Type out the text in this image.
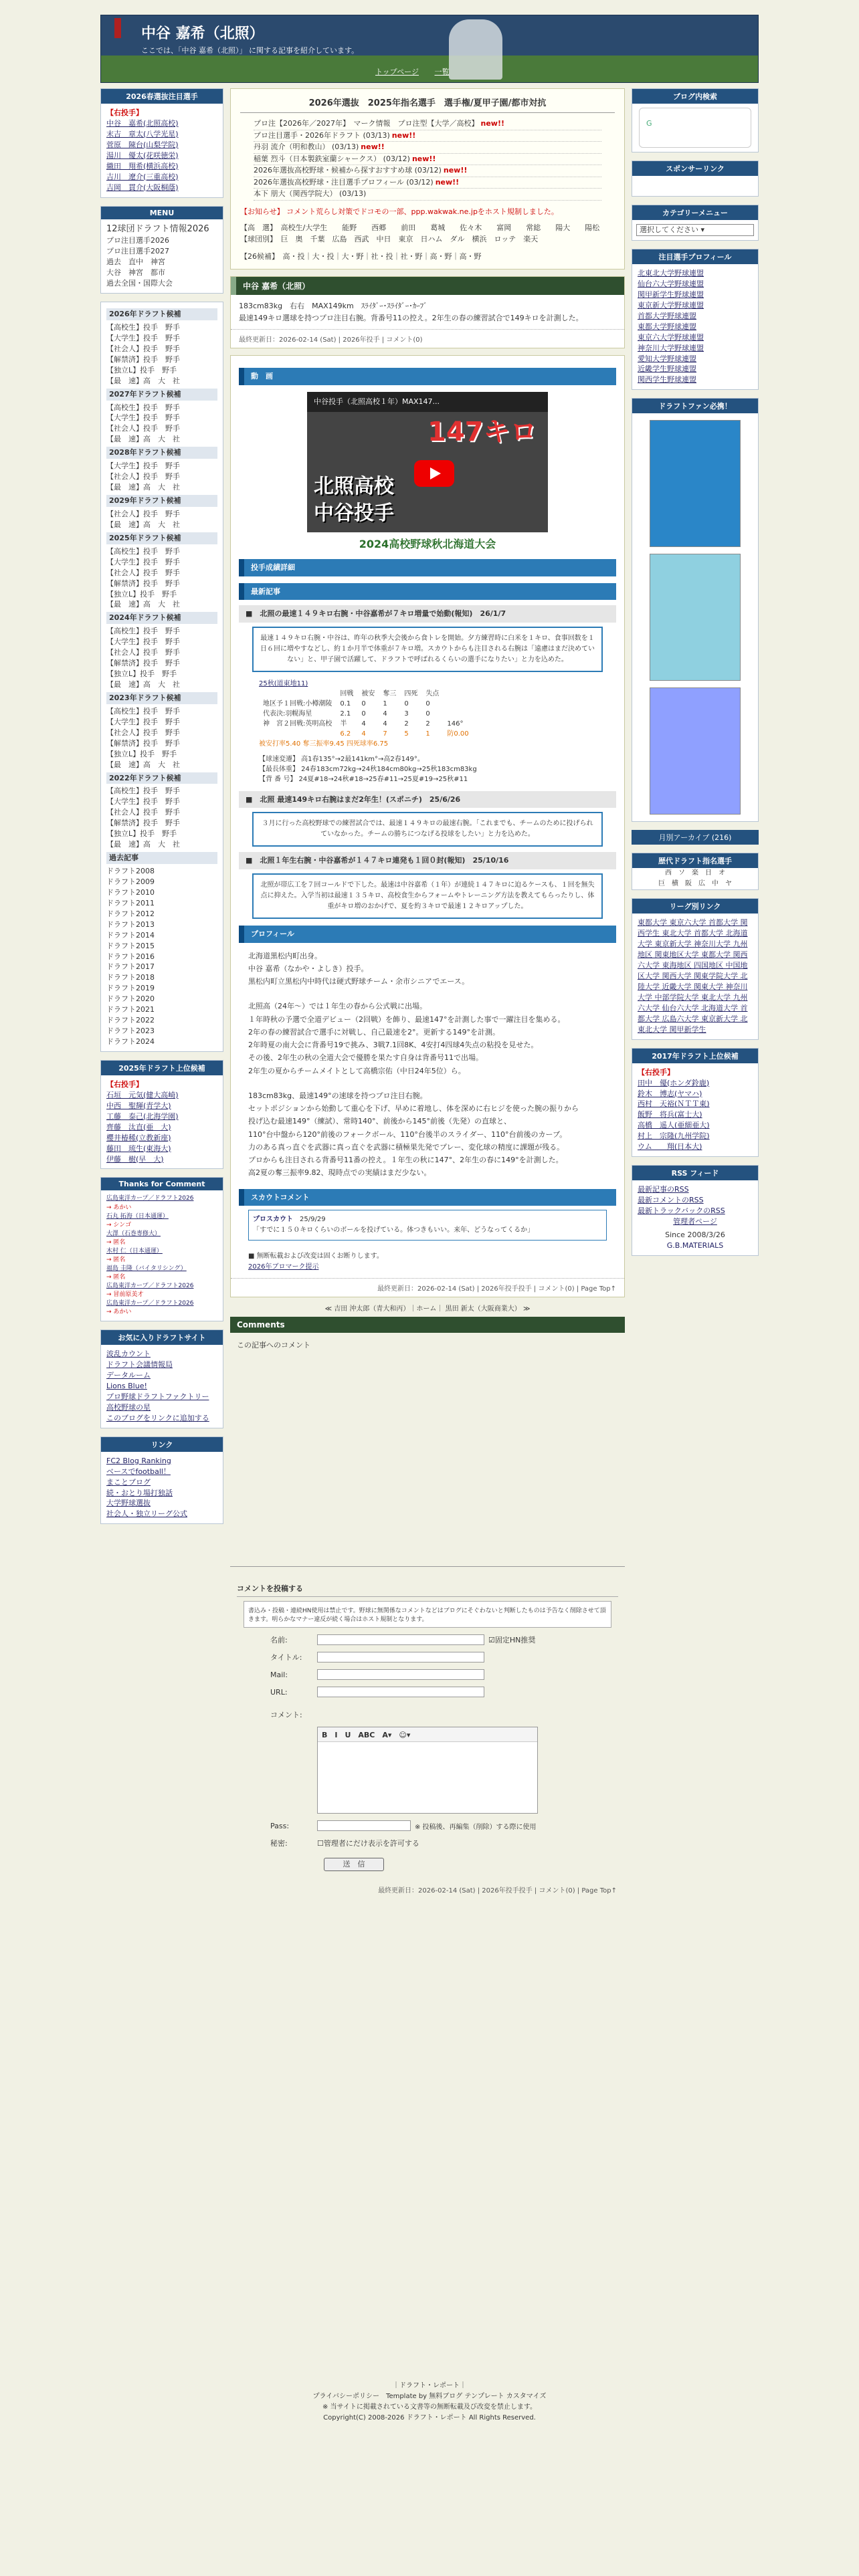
中谷 嘉希（北照）
ここでは、「中谷 嘉希（北照）」 に関する記事を紹介しています。
トップページ 一覧
2026春選抜注目選手
【右投手】
中谷　嘉希(北照高校)
末吉　章太(八学光星)
菅原　陳台(山梨学院)
湯川　優太(花咲徳栄)
織田　翔希(横浜高校)
吉川　遼介(三重高校)
吉岡　貫介(大阪桐蔭)
MENU
12球団ドラフト情報2026
プロ注目選手2026
プロ注目選手2027
過去　直中　神宮
大谷　神宮　都市
過去全国・国際大会
2026年ドラフト候補
【高校生】投手　野手
【大学生】投手　野手
【社会人】投手　野手
【解禁済】投手　野手
【独立L】投手　野手
【最　速】高　大　社
2027年ドラフト候補
【高校生】投手　野手
【大学生】投手　野手
【社会人】投手　野手
【最　速】高　大　社
2028年ドラフト候補
【大学生】投手　野手
【社会人】投手　野手
【最　速】高　大　社
2029年ドラフト候補
【社会人】投手　野手
【最　速】高　大　社
2025年ドラフト候補
【高校生】投手　野手
【大学生】投手　野手
【社会人】投手　野手
【解禁済】投手　野手
【独立L】投手　野手
【最　速】高　大　社
2024年ドラフト候補
【高校生】投手　野手
【大学生】投手　野手
【社会人】投手　野手
【解禁済】投手　野手
【独立L】投手　野手
【最　速】高　大　社
2023年ドラフト候補
【高校生】投手　野手
【大学生】投手　野手
【社会人】投手　野手
【解禁済】投手　野手
【独立L】投手　野手
【最　速】高　大　社
2022年ドラフト候補
【高校生】投手　野手
【大学生】投手　野手
【社会人】投手　野手
【解禁済】投手　野手
【独立L】投手　野手
【最　速】高　大　社
過去記事
ドラフト2008
ドラフト2009
ドラフト2010
ドラフト2011
ドラフト2012
ドラフト2013
ドラフト2014
ドラフト2015
ドラフト2016
ドラフト2017
ドラフト2018
ドラフト2019
ドラフト2020
ドラフト2021
ドラフト2022
ドラフト2023
ドラフト2024
2025年ドラフト上位候補
【右投手】
石垣　元気(健大高崎)
中西　聖輝(青学大)
工藤　泰己(北海学園)
齊藤　汰直(亜　大)
櫻井椿稀(立教新座)
藤田　琉生(東海大)
伊藤　樹(早　大)
Thanks for Comment
広島東洋カープ／ドラフト2026
→ あかい
石丸 拓海（日本通運）
→ シンゴ
大澤（石巻専修大）
→ 匿名
木村 仁（日本通運）
→ 匿名
福島 圭隆（バイタリシング）
→ 匿名
広島東洋カープ／ドラフト2026
→ 冒前原美才
広島東洋カープ／ドラフト2026
→ あかい
お気に入りドラフトサイト
波乱カウント
ドラフト会議情報局
データルーム
Lions Blue!
プロ野球ドラフトファクトリー
高校野球の星
このブログをリンクに追加する
リンク
FC2 Blog Ranking
ベースでfootball！
まことブログ
続・おとり場打独話
大学野球選抜
社会人・独立リーグ公式
2026年選抜　2025年指名選手　選手権/夏甲子園/都市対抗
プロ注【2026年／2027年】　マーク情報　プロ注型【大学／高校】 new!!
プロ注目選手・2026年ドラフト (03/13) new!!
丹羽 流介（明和教山） (03/13) new!!
稲葉 烈斗（日本製鉄室蘭シャークス） (03/12) new!!
2026年選抜高校野球・候補から探すおすすめ球 (03/12) new!!
2026年選抜高校野球・注目選手プロフィール (03/12) new!!
本下 朋大（関西学院大） (03/13)
【お知らせ】 コメント荒らし対策でドコモの一部、ppp.wakwak.ne.jpをホスト規制しました。
【高　選】　高校生/大学生　　能野　　西郷　　前田　　葛城　　佐々木　　富岡　　常総　　陽大　　陽松　　【球団別】　巨　奥　千葉　広島　西武　中日　東京　日ハム　ダル　横浜　ロッテ　楽天
【26候補】　高・投｜大・投｜大・野｜社・投｜社・野｜高・野｜高・野
中谷 嘉希（北照）
183cm83kg　右右　MAX149km　ｽﾗｲﾀﾞｰ･ｽﾗｲﾀﾞｰ･ｶｰﾌﾞ
最速149キロ選球を持つプロ注目右腕。背番号11の控え。2年生の春の練習試合で149キロを計測した。
最終更新日：2026-02-14 (Sat) | 2026年投手 | コメント(0)
動　画
中谷投手（北照高校１年）MAX147...
147キロ
北照高校
中谷投手
2024高校野球秋北海道大会
投手成績詳細
最新記事
■　北照の最速１４９キロ右腕・中谷嘉希が７キロ増量で始動(報知)　26/1/7
最速１４９キロ右腕・中谷は、昨年の秋季大会後から食トレを開始。夕方練習時に白米を１キロ、食事回数を１日６回に増やすなどし、約１か月半で体重が７キロ増。スカウトからも注目される右腕は「遠慮はまだ決めていない」と、甲子園で活躍して、ドラフトで呼ばれるくらいの選手になりたい」と力を込めた。
25秋(道東地11)
	回戦	被安	奪三	四死	失点	
地区予１回戦:小樽潮陵	0.1	0	1	0	0	
代表決:羽幌海星	2.1	0	4	3	0	
神　宮２回戦:英明高校	半	4	4	2	2	146°
	6.2	4	7	5	1	防0.00
被安打率5.40 奪三振率9.45 四死球率6.75
【球速変遷】 高1春135°→2最141km°→高2春149°。
【最長体重】 24春183cm72kg→24秋184cm80kg→25秋183cm83kg
【背 番 号】 24夏#18→24秋#18→25春#11→25夏#19→25秋#11
■　北照 最速149キロ右腕はまだ2年生！(スポニチ)　25/6/26
３月に行った高校野球での練習試合では、最速１４９キロの最速右腕。「これまでも、チームのために投げられていなかった。チームの勝ちにつなげる投球をしたい」と力を込めた。
■　北照１年生右腕・中谷嘉希が１４７キロ連発も１回０封(報知)　25/10/16
北照が帯広工を７回コールドで下した。最速は中谷嘉希（１年）が連続１４７キロに迫るケースも、１回を無失点に抑えた。入学当初は最速１３５キロ、高校食生からフォームやトレーニング方法を教えてもらったりし、体重がキロ増のおかげで、夏を約３キロで最速１２キロアップした。
プロフィール
北海道黒松内町出身。
中谷 嘉希（なかや・よしき）投手。
黒松内町立黒松内中時代は硬式野球チーム・余市シニアでエース。
北照高（24年～）では１年生の春から公式戦に出場。
１年時秋の予選で全道デビュー（2回戦）を飾り、最速147°を計測した事で一躍注目を集める。
2年の春の練習試合で選手に対戦し、自己最速を2°。更新する149°を計測。
2年時夏の南大会に背番号19で挑み、3戦7.1回8K、4安打4四球4失点の粘投を見せた。
その後、2年生の秋の全道大会で優勝を果たす自身は背番号11で出場。
2年生の夏からチームメイトとして高橋宗佑（中日24年5位）ら。
183cm83kg、最速149°の速球を持つプロ注目右腕。
セットポジションから始動して重心を下げ、早めに着地し、体を深めに右ヒジを使った腕の振りから
投げ込む最速149°（練試）、常時140°、前後から145°前後（先発）の直球と、
110°台中盤から120°前後のフォークボール、110°台後半のスライダー、110°台前後のカーブ。
力のある真っ直ぐを武器に真っ直ぐを武器に積極果先発でプレー、変化球の精度に課題が残る。
プロからも注目される背番号11番の控え。１年生の秋に147°、2年生の春に149°を計測した。
高2夏の奪三振率9.82、現時点での実績はまだ少ない。
スカウトコメント
プロスカウト　 25/9/29
「すでに１５０キロくらいのボールを投げている。体つきもいい。来年、どうなってくるか」
■ 無断転載および改変は固くお断りします。
2026年ブロマーク提示
最終更新日：2026-02-14 (Sat) | 2026年投手投手 | コメント(0) | Page Top↑
≪ 吉田 沖太郎（青大和丙）｜ホーム｜ 黒田 新太（大阪商業大） ≫
Comments
この記事へのコメント
コメントを投稿する
書込み・投稿・連続HN使用は禁止です。野球に無関係なコメントなどはブログにそぐわないと判断したものは予告なく削除させて頂きます。明らかなマナー違反が続く場合はホスト規制となります。
名前:	☑ 固定HN推奨
タイトル:
Mail:
URL:
コメント:
B　I　U　ABC　A▾　☺▾
Pass:	※ 投稿後、再編集（削除）する際に使用
秘密:	☐ 管理者にだけ表示を許可する
送　信
最終更新日：2026-02-14 (Sat) | 2026年投手投手 | コメント(0) | Page Top↑
ブログ内検索
G
スポンサーリンク
カテゴリーメニュー
選択してください ▾
注目選手プロフィール
北東北大学野球連盟
仙台六大学野球連盟
関甲新学生野球連盟
東京新大学野球連盟
首都大学野球連盟
東都大学野球連盟
東京六大学野球連盟
神奈川大学野球連盟
愛知大学野球連盟
近畿学生野球連盟
関西学生野球連盟
ドラフトファン必携！
月別アーカイブ (216)
歴代ドラフト指名選手
西　ソ　楽　日　オ
巨　横　阪　広　中　ヤ
リーグ別リンク
東都大学 東京六大学 首都大学 関西学生 東北大学 首都大学 北海道大学 東京新大学 神奈川大学 九州地区 関東地区大学 東都大学 関西六大学 東海地区 四国地区 中国地区大学 関西大学 関東学院大学 北陸大学 近畿大学 関東大学 神奈川大学 中部学院大学 東北大学 九州六大学 仙台六大学 北海道大学 首都大学 広島六大学 東京新大学 北東北大学 関甲新学生
2017年ドラフト上位候補
【右投手】
田中　優(ホンダ鈴鹿)
鈴木　博志(ヤマハ)
西村　天裕(ＮＴＴ東)
飯野　将兵(富士大)
高橋　遥人(亜細亜大)
村上　宗隆(九州学院)
ウム　　翔(日本大)
RSS フィード
最新記事のRSS
最新コメントのRSS
最新トラックバックのRSS
管理者ページ
Since 2008/3/26
G.B.MATERIALS
｜ドラフト・レポート｜
プライバシーポリシー　Template by 無料ブログ テンプレート カスタマイズ
※ 当サイトに掲載されている文書等の無断転載及び改変を禁止します。
Copyright(C) 2008-2026 ドラフト・レポート All Rights Reserved.
